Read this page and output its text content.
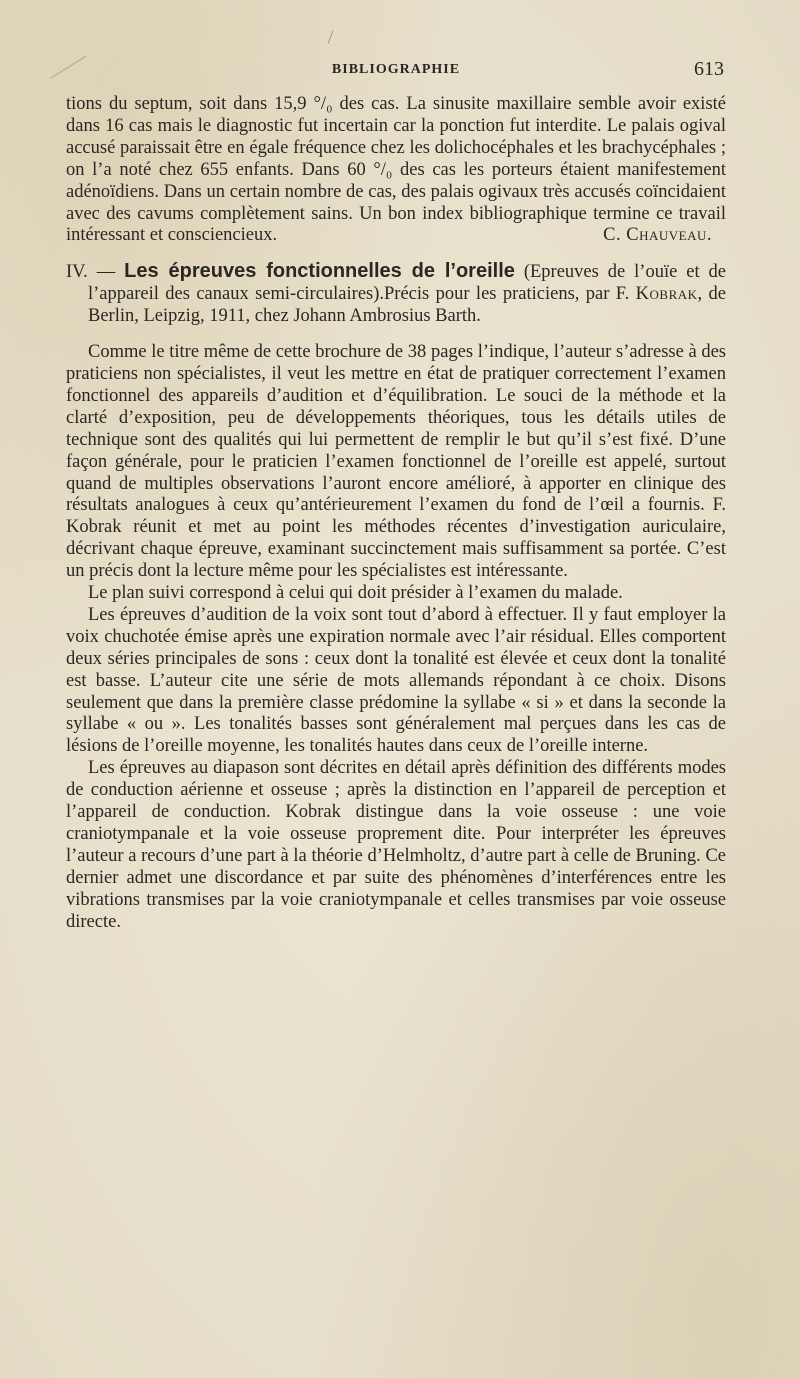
BIBLIOGRAPHIE	613

tions du septum, soit dans 15,9 °/₀ des cas. La sinusite maxillaire semble avoir existé dans 16 cas mais le diagnostic fut incertain car la ponction fut interdite. Le palais ogival accusé paraissait être en égale fréquence chez les dolichocéphales et les brachycéphales ; on l’a noté chez 655 enfants. Dans 60 °/₀ des cas les porteurs étaient manifestement adénoïdiens. Dans un certain nombre de cas, des palais ogivaux très accusés coïncidaient avec des cavums complètement sains. Un bon index bibliographique termine ce travail intéressant et consciencieux.	C. Chauveau.

IV. — Les épreuves fonctionnelles de l’oreille (Epreuves de l’ouïe et de l’appareil des canaux semi-circulaires).Précis pour les praticiens, par F. Kobrak, de Berlin, Leipzig, 1911, chez Johann Ambrosius Barth.

Comme le titre même de cette brochure de 38 pages l’indique, l’auteur s’adresse à des praticiens non spécialistes, il veut les mettre en état de pratiquer correctement l’examen fonctionnel des appareils d’audition et d’équilibration. Le souci de la méthode et la clarté d’exposition, peu de développements théoriques, tous les détails utiles de technique sont des qualités qui lui permettent de remplir le but qu’il s’est fixé. D’une façon générale, pour le praticien l’examen fonctionnel de l’oreille est appelé, surtout quand de multiples observations l’auront encore amélioré, à apporter en clinique des résultats analogues à ceux qu’antérieurement l’examen du fond de l’œil a fournis. F. Kobrak réunit et met au point les méthodes récentes d’investigation auriculaire, décrivant chaque épreuve, examinant succinctement mais suffisamment sa portée. C’est un précis dont la lecture même pour les spécialistes est intéressante.

Le plan suivi correspond à celui qui doit présider à l’examen du malade.

Les épreuves d’audition de la voix sont tout d’abord à effectuer. Il y faut employer la voix chuchotée émise après une expiration normale avec l’air résidual. Elles comportent deux séries principales de sons : ceux dont la tonalité est élevée et ceux dont la tonalité est basse. L’auteur cite une série de mots allemands répondant à ce choix. Disons seulement que dans la première classe prédomine la syllabe « si » et dans la seconde la syllabe « ou ». Les tonalités basses sont généralement mal perçues dans les cas de lésions de l’oreille moyenne, les tonalités hautes dans ceux de l’oreille interne.

Les épreuves au diapason sont décrites en détail après définition des différents modes de conduction aérienne et osseuse ; après la distinction en l’appareil de perception et l’appareil de conduction. Kobrak distingue dans la voie osseuse : une voie craniotympanale et la voie osseuse proprement dite. Pour interpréter les épreuves l’auteur a recours d’une part à la théorie d’Helmholtz, d’autre part à celle de Bruning. Ce dernier admet une discordance et par suite des phénomènes d’interférences entre les vibrations transmises par la voie craniotympanale et celles transmises par voie osseuse directe.
